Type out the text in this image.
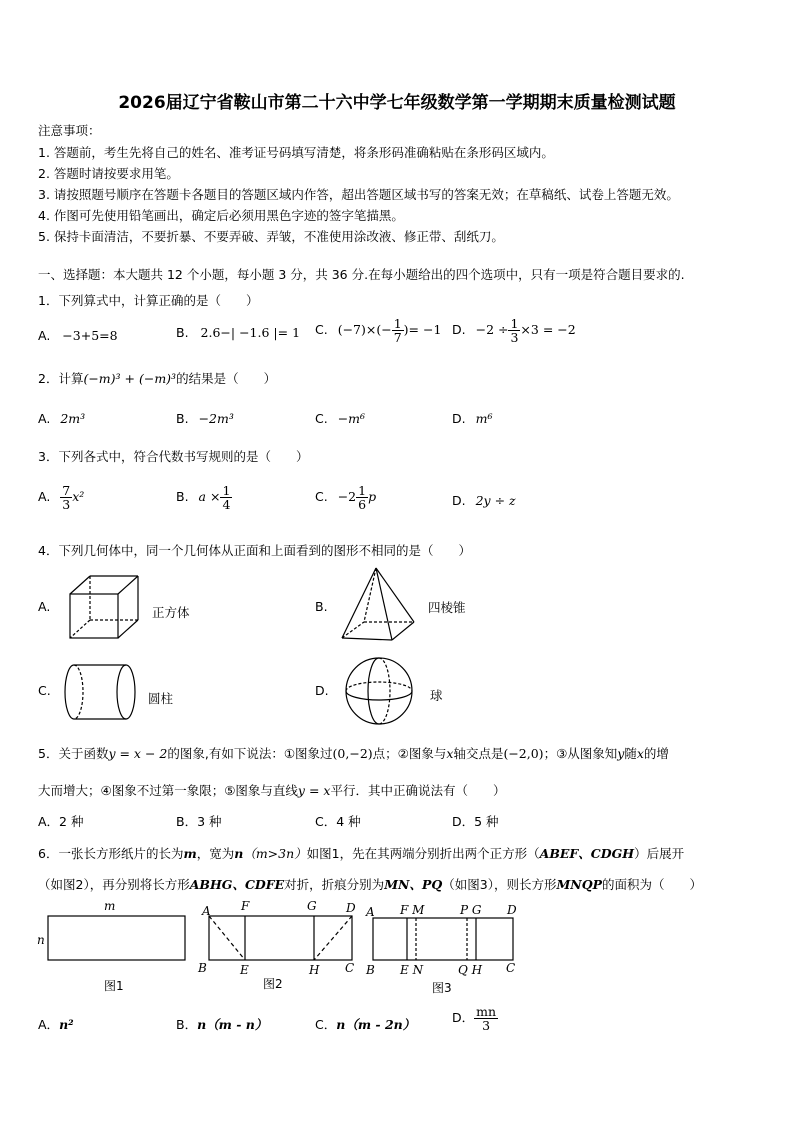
2026届辽宁省鞍山市第二十六中学七年级数学第一学期期末质量检测试题
注意事项：
1. 答题前，考生先将自己的姓名、准考证号码填写清楚，将条形码准确粘贴在条形码区域内。
2. 答题时请按要求用笔。
3. 请按照题号顺序在答题卡各题目的答题区域内作答，超出答题区域书写的答案无效；在草稿纸、试卷上答题无效。
4. 作图可先使用铅笔画出，确定后必须用黑色字迹的签字笔描黑。
5. 保持卡面清洁，不要折暴、不要弄破、弄皱，不准使用涂改液、修正带、刮纸刀。
一、选择题：本大题共 12 个小题，每小题 3 分，共 36 分.在每小题给出的四个选项中，只有一项是符合题目要求的.
1．下列算式中，计算正确的是（　　）
A. −3+5=8	B. 2.6−| −1.6 |= 1 C. $(-7)\times(- \frac{1}{7}$ )= −1 D. $-2 \div \frac{1}{3} \times 3 = -2$
2．计算(−m)³ + (−m)³的结果是（　　）
A. 2m³	B. −2m³	C. −m⁶	D. m⁶
3．下列各式中，符合代数书写规则的是（　　）
A. $\frac{7}{3} x^2$	B. $a \times \frac{1}{4}$	C. $-2 \frac{1}{6}$ p	D. 2y ÷ z
4．下列几何体中，同一个几何体从正面和上面看到的图形不相同的是（　　）
A.	正方体	B.	四棱锥
C.
圆柱
D.	球
5．关于函数y = x − 2的图象,有如下说法：①图象过(0,−2)点；②图象与x轴交点是(−2,0)；③从图象知y随x的增
大而增大；④图象不过第一象限；⑤图象与直线y = x平行．其中正确说法有（　　）
A．2 种	B．3 种	C．4 种	D．5 种
6．一张长方形纸片的长为m，宽为n（m>3n）如图1，先在其两端分别折出两个正方形（ABEF、CDGH）后展开
（如图2），再分别将长方形ABHG、CDFE对折，折痕分别为MN、PQ（如图3），则长方形MNQP的面积为（　　）
m
n
图1
A	F	G D
B	E	H C
图2
A F M	P G D
B E N	Q H C
图3
A．n²	B．n（m - n）	C．n（m - 2n）	D． $\frac{mn}{3}$
